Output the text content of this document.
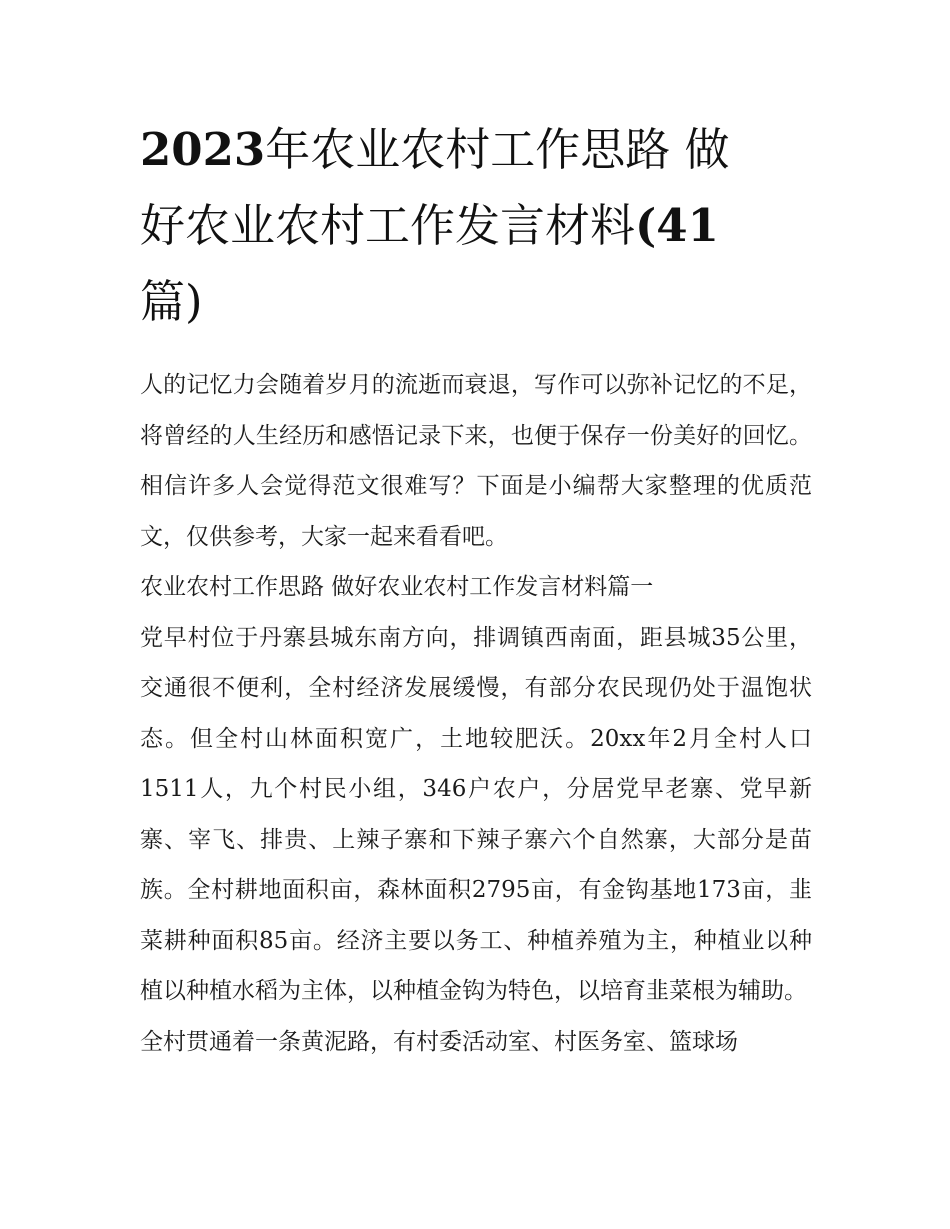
2023年农业农村工作思路 做
好农业农村工作发言材料(41
篇)

人的记忆力会随着岁月的流逝而衰退，写作可以弥补记忆的不足，将曾经的人生经历和感悟记录下来，也便于保存一份美好的回忆。相信许多人会觉得范文很难写？下面是小编帮大家整理的优质范文，仅供参考，大家一起来看看吧。

农业农村工作思路 做好农业农村工作发言材料篇一

党早村位于丹寨县城东南方向，排调镇西南面，距县城35公里，交通很不便利，全村经济发展缓慢，有部分农民现仍处于温饱状态。但全村山林面积宽广，土地较肥沃。20xx年2月全村人口1511人，九个村民小组，346户农户，分居党早老寨、党早新寨、宰飞、排贵、上辣子寨和下辣子寨六个自然寨，大部分是苗族。全村耕地面积亩，森林面积2795亩，有金钩基地173亩，韭菜耕种面积85亩。经济主要以务工、种植养殖为主，种植业以种植以种植水稻为主体，以种植金钩为特色，以培育韭菜根为辅助。

全村贯通着一条黄泥路，有村委活动室、村医务室、篮球场
